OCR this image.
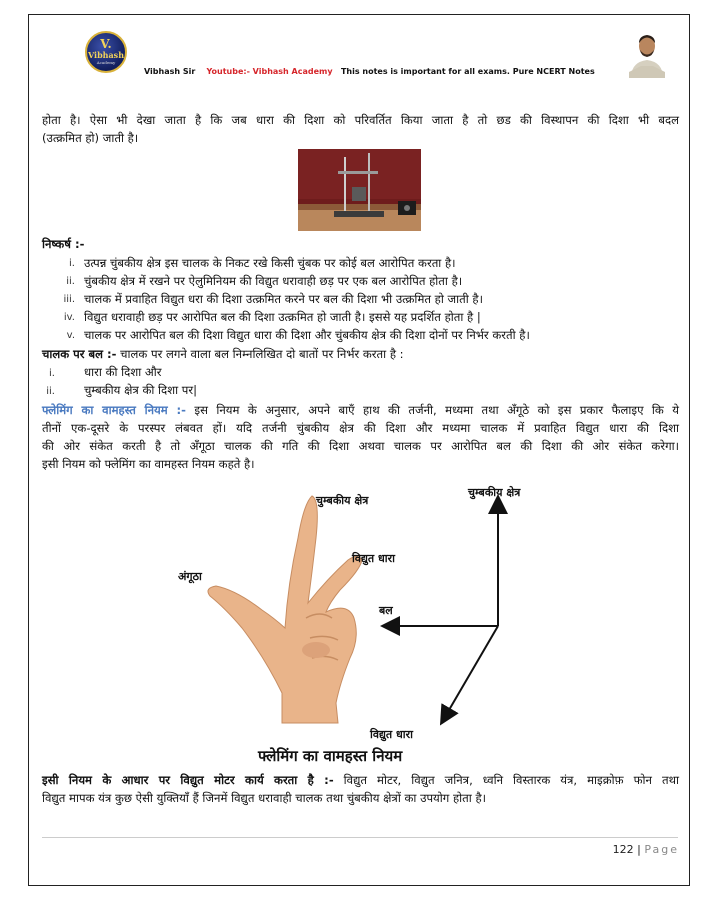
V.
Vibhash
Academy
Vibhash Sir Youtube:- Vibhash Academy This notes is important for all exams. Pure NCERT Notes
होता है। ऐसा भी देखा जाता है कि जब धारा की दिशा को परिवर्तित किया जाता है तो छड की विस्थापन की दिशा भी बदल
(उत्क्रमित हो) जाती है।
निष्कर्ष :-
i. उत्पन्न चुंबकीय क्षेत्र इस चालक के निकट रखे किसी चुंबक पर कोई बल आरोपित करता है।
ii. चुंबकीय क्षेत्र में रखने पर ऐलुमिनियम की विद्युत धरावाही छड़ पर एक बल आरोपित होता है।
iii. चालक में प्रवाहित विद्युत धरा की दिशा उत्क्रमित करने पर बल की दिशा भी उत्क्रमित हो जाती है।
iv. विद्युत धरावाही छड़ पर आरोपित बल की दिशा उत्क्रमित हो जाती है। इससे यह प्रदर्शित होता है |
v. चालक पर आरोपित बल की दिशा विद्युत धारा की दिशा और चुंबकीय क्षेत्र की दिशा दोनों पर निर्भर करती है।
चालक पर बल :- चालक पर लगने वाला बल निम्नलिखित दो बातों पर निर्भर करता है :
i.	धारा की दिशा और
ii.	चुम्बकीय क्षेत्र की दिशा पर|
फ्लेमिंग का वामहस्त नियम :- इस नियम के अनुसार, अपने बाएँ हाथ की तर्जनी, मध्यमा तथा अँगूठे को इस प्रकार फैलाइए कि ये
तीनों एक-दूसरे के परस्पर लंबवत हों। यदि तर्जनी चुंबकीय क्षेत्र की दिशा और मध्यमा चालक में प्रवाहित विद्युत धारा की दिशा
की ओर संकेत करती है तो अँगूठा चालक की गति की दिशा अथवा चालक पर आरोपित बल की दिशा की ओर संकेत करेगा।
इसी नियम को फ्लेमिंग का वामहस्त नियम कहते है।
चुम्बकीय क्षेत्र
विद्युत धारा
अंगूठा
चुम्बकीय क्षेत्र
बल
विद्युत धारा
फ्लेमिंग का वामहस्त नियम
इसी नियम के आधार पर विद्युत मोटर कार्य करता है :- विद्युत मोटर, विद्युत जनित्र, ध्वनि विस्तारक यंत्र, माइक्रोफ़ फोन तथा
विद्युत मापक यंत्र कुछ ऐसी युक्तियाँ हैं जिनमें विद्युत धरावाही चालक तथा चुंबकीय क्षेत्रों का उपयोग होता है।
122 | Page
